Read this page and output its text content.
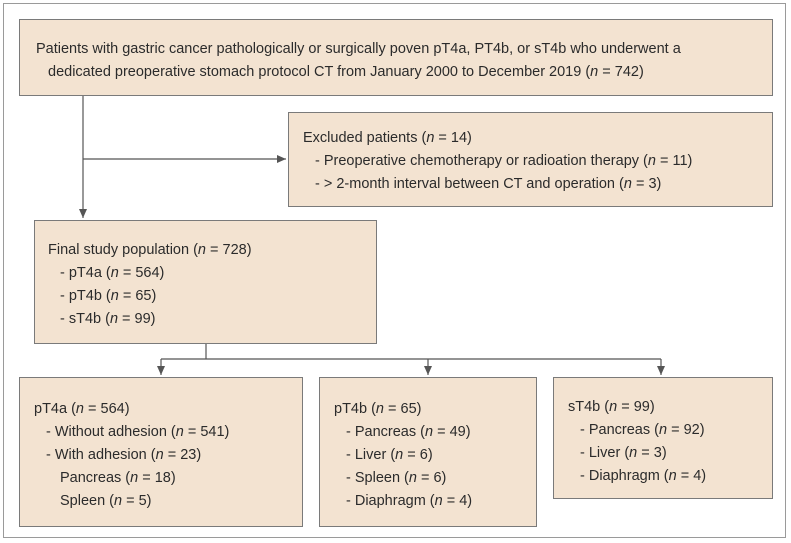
Patients with gastric cancer pathologically or surgically poven pT4a, PT4b, or sT4b who underwent a
dedicated preoperative stomach protocol CT from January 2000 to December 2019 (n = 742)
Excluded patients (n = 14)
- Preoperative chemotherapy or radioation therapy (n = 11)
- > 2-month interval between CT and operation (n = 3)
Final study population (n = 728)
- pT4a (n = 564)
- pT4b (n = 65)
- sT4b (n = 99)
pT4a (n = 564)
- Without adhesion (n = 541)
- With adhesion (n = 23)
Pancreas (n = 18)
Spleen (n = 5)
pT4b (n = 65)
- Pancreas (n = 49)
- Liver (n = 6)
- Spleen (n = 6)
- Diaphragm (n = 4)
sT4b (n = 99)
- Pancreas (n = 92)
- Liver (n = 3)
- Diaphragm (n = 4)
